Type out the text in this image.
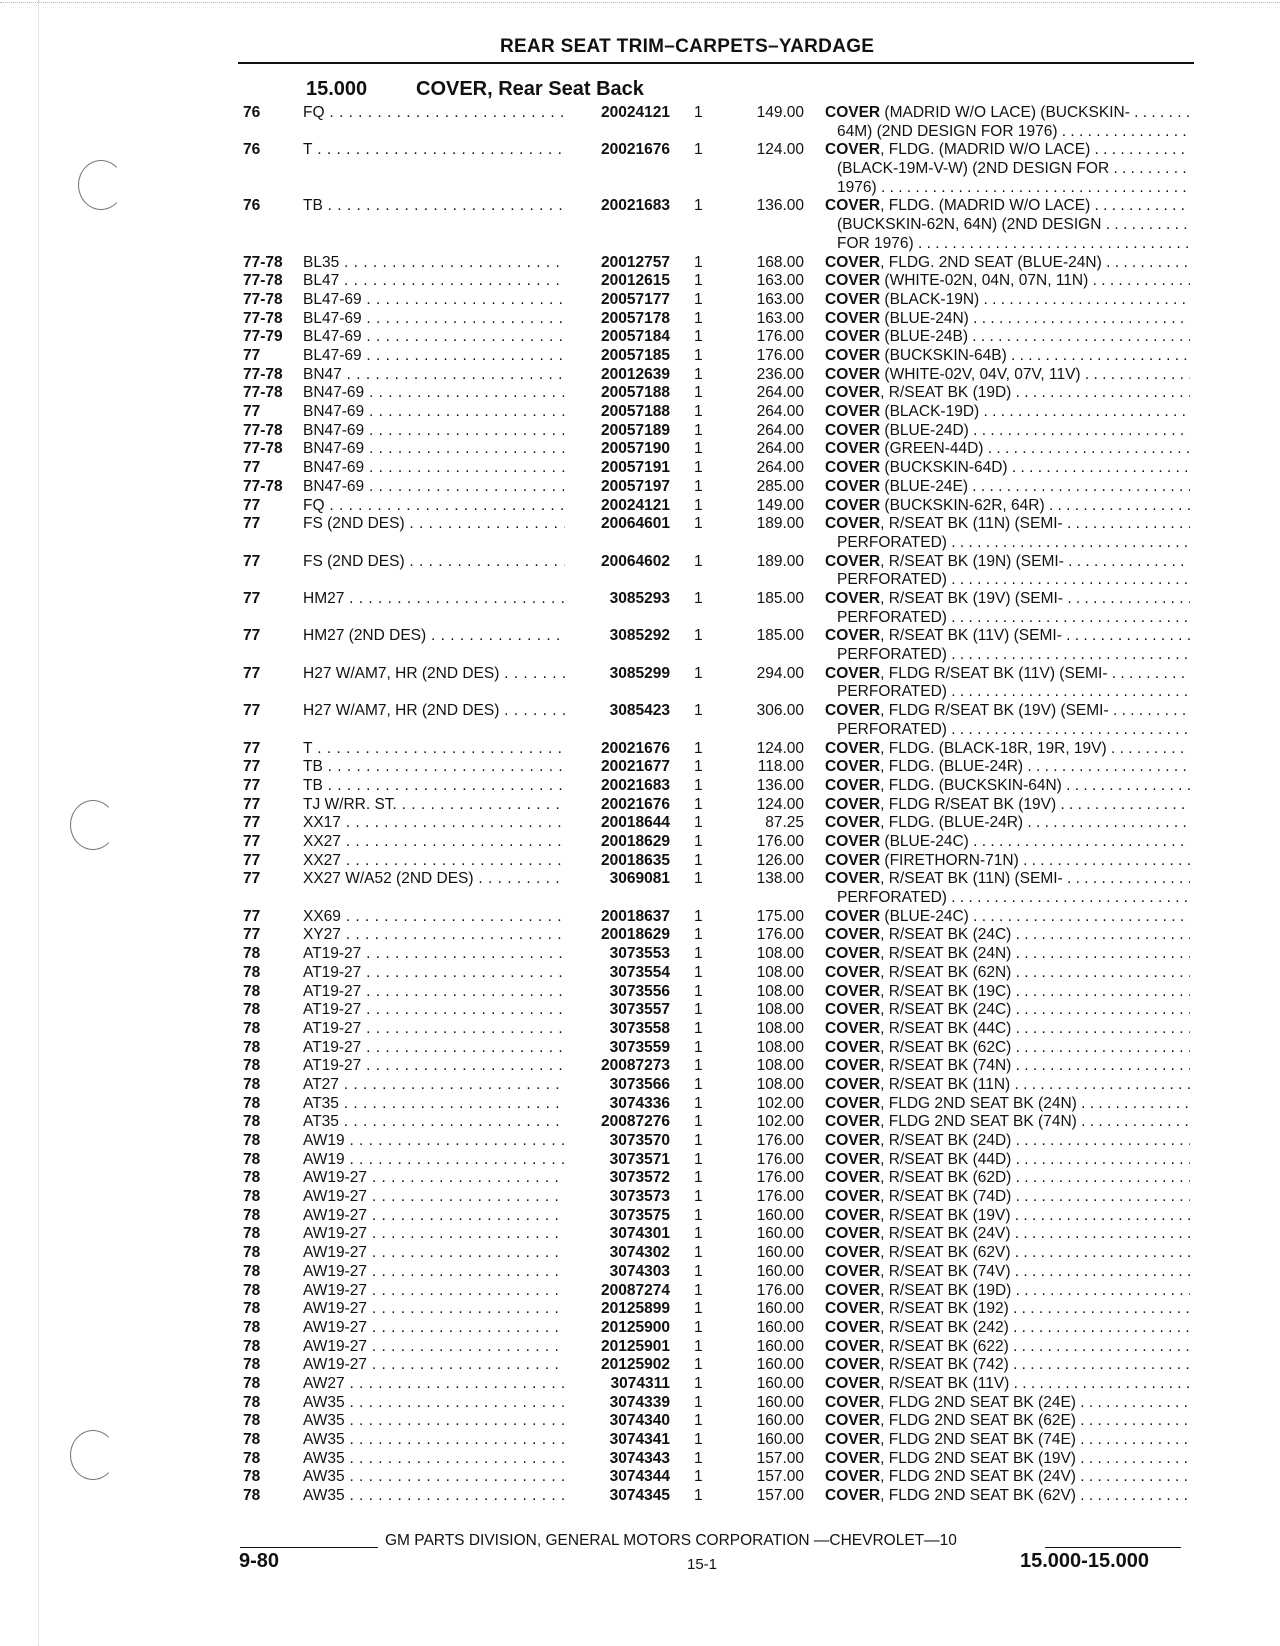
REAR SEAT TRIM–CARPETS–YARDAGE
15.000 COVER, Rear Seat Back
76	FQ . . .	20024121 1	149.00 COVER (MADRID W/O LACE) (BUCKSKIN- . . .
64M) (2ND DESIGN FOR 1976) . . .
76	T . . .	20021676 1	124.00 COVER, FLDG. (MADRID W/O LACE) . . .
(BLACK-19M-V-W) (2ND DESIGN FOR . . .
1976) . . .
76	TB . . .	20021683 1	136.00 COVER, FLDG. (MADRID W/O LACE) . . .
(BUCKSKIN-62N, 64N) (2ND DESIGN . . .
FOR 1976) . . .
77-78 BL35 . . .	20012757 1	168.00 COVER, FLDG. 2ND SEAT (BLUE-24N) . . .
77-78 BL47 . . .	20012615 1	163.00 COVER (WHITE-02N, 04N, 07N, 11N) . . .
77-78 BL47-69 . . .	20057177 1	163.00 COVER (BLACK-19N) . . .
77-78 BL47-69 . . .	20057178 1	163.00 COVER (BLUE-24N) . . .
77-79 BL47-69 . . .	20057184 1	176.00 COVER (BLUE-24B) . . .
77	BL47-69 . . .	20057185 1	176.00 COVER (BUCKSKIN-64B) . . .
77-78 BN47 . . .	20012639 1	236.00 COVER (WHITE-02V, 04V, 07V, 11V) . . .
77-78 BN47-69 . . .	20057188 1	264.00 COVER, R/SEAT BK (19D) . . .
77	BN47-69 . . .	20057188 1	264.00 COVER (BLACK-19D) . . .
77-78 BN47-69 . . .	20057189 1	264.00 COVER (BLUE-24D) . . .
77-78 BN47-69 . . .	20057190 1	264.00 COVER (GREEN-44D) . . .
77	BN47-69 . . .	20057191 1	264.00 COVER (BUCKSKIN-64D) . . .
77-78 BN47-69 . . .	20057197 1	285.00 COVER (BLUE-24E) . . .
77	FQ . . .	20024121 1	149.00 COVER (BUCKSKIN-62R, 64R) . . .
77	FS (2ND DES) . . .	20064601 1	189.00 COVER, R/SEAT BK (11N) (SEMI- . . .
PERFORATED) . . .
77	FS (2ND DES) . . .	20064602 1	189.00 COVER, R/SEAT BK (19N) (SEMI- . . .
PERFORATED) . . .
77	HM27 . . .	3085293 1	185.00 COVER, R/SEAT BK (19V) (SEMI- . . .
PERFORATED) . . .
77	HM27 (2ND DES) . . .	3085292 1	185.00 COVER, R/SEAT BK (11V) (SEMI- . . .
PERFORATED) . . .
77	H27 W/AM7, HR (2ND DES) . . .	3085299 1	294.00 COVER, FLDG R/SEAT BK (11V) (SEMI- . . .
PERFORATED) . . .
77	H27 W/AM7, HR (2ND DES) . . .	3085423 1	306.00 COVER, FLDG R/SEAT BK (19V) (SEMI- . . .
PERFORATED) . . .
77	T . . .	20021676 1	124.00 COVER, FLDG. (BLACK-18R, 19R, 19V) . . .
77	TB . . .	20021677 1	118.00 COVER, FLDG. (BLUE-24R) . . .
77	TB . . .	20021683 1	136.00 COVER, FLDG. (BUCKSKIN-64N) . . .
77	TJ W/RR. ST. . . .	20021676 1	124.00 COVER, FLDG R/SEAT BK (19V) . . .
77	XX17 . . .	20018644 1	87.25 COVER, FLDG. (BLUE-24R) . . .
77	XX27 . . .	20018629 1	176.00 COVER (BLUE-24C) . . .
77	XX27 . . .	20018635 1	126.00 COVER (FIRETHORN-71N) . . .
77	XX27 W/A52 (2ND DES) . . .	3069081 1	138.00 COVER, R/SEAT BK (11N) (SEMI- . . .
PERFORATED) . . .
77	XX69 . . .	20018637 1	175.00 COVER (BLUE-24C) . . .
77	XY27 . . .	20018629 1	176.00 COVER, R/SEAT BK (24C) . . .
78	AT19-27 . . .	3073553 1	108.00 COVER, R/SEAT BK (24N) . . .
78	AT19-27 . . .	3073554 1	108.00 COVER, R/SEAT BK (62N) . . .
78	AT19-27 . . .	3073556 1	108.00 COVER, R/SEAT BK (19C) . . .
78	AT19-27 . . .	3073557 1	108.00 COVER, R/SEAT BK (24C) . . .
78	AT19-27 . . .	3073558 1	108.00 COVER, R/SEAT BK (44C) . . .
78	AT19-27 . . .	3073559 1	108.00 COVER, R/SEAT BK (62C) . . .
78	AT19-27 . . .	20087273 1	108.00 COVER, R/SEAT BK (74N) . . .
78	AT27 . . .	3073566 1	108.00 COVER, R/SEAT BK (11N) . . .
78	AT35 . . .	3074336 1	102.00 COVER, FLDG 2ND SEAT BK (24N) . . .
78	AT35 . . .	20087276 1	102.00 COVER, FLDG 2ND SEAT BK (74N) . . .
78	AW19 . . .	3073570 1	176.00 COVER, R/SEAT BK (24D) . . .
78	AW19 . . .	3073571 1	176.00 COVER, R/SEAT BK (44D) . . .
78	AW19-27 . . .	3073572 1	176.00 COVER, R/SEAT BK (62D) . . .
78	AW19-27 . . .	3073573 1	176.00 COVER, R/SEAT BK (74D) . . .
78	AW19-27 . . .	3073575 1	160.00 COVER, R/SEAT BK (19V) . . .
78	AW19-27 . . .	3074301 1	160.00 COVER, R/SEAT BK (24V) . . .
78	AW19-27 . . .	3074302 1	160.00 COVER, R/SEAT BK (62V) . . .
78	AW19-27 . . .	3074303 1	160.00 COVER, R/SEAT BK (74V) . . .
78	AW19-27 . . .	20087274 1	176.00 COVER, R/SEAT BK (19D) . . .
78	AW19-27 . . .	20125899 1	160.00 COVER, R/SEAT BK (192) . . .
78	AW19-27 . . .	20125900 1	160.00 COVER, R/SEAT BK (242) . . .
78	AW19-27 . . .	20125901 1	160.00 COVER, R/SEAT BK (622) . . .
78	AW19-27 . . .	20125902 1	160.00 COVER, R/SEAT BK (742) . . .
78	AW27 . . .	3074311 1	160.00 COVER, R/SEAT BK (11V) . . .
78	AW35 . . .	3074339 1	160.00 COVER, FLDG 2ND SEAT BK (24E) . . .
78	AW35 . . .	3074340 1	160.00 COVER, FLDG 2ND SEAT BK (62E) . . .
78	AW35 . . .	3074341 1	160.00 COVER, FLDG 2ND SEAT BK (74E) . . .
78	AW35 . . .	3074343 1	157.00 COVER, FLDG 2ND SEAT BK (19V) . . .
78	AW35 . . .	3074344 1	157.00 COVER, FLDG 2ND SEAT BK (24V) . . .
78	AW35 . . .	3074345 1	157.00 COVER, FLDG 2ND SEAT BK (62V) . . .
GM PARTS DIVISION, GENERAL MOTORS CORPORATION —CHEVROLET—10
9-80	15-1	15.000-15.000
